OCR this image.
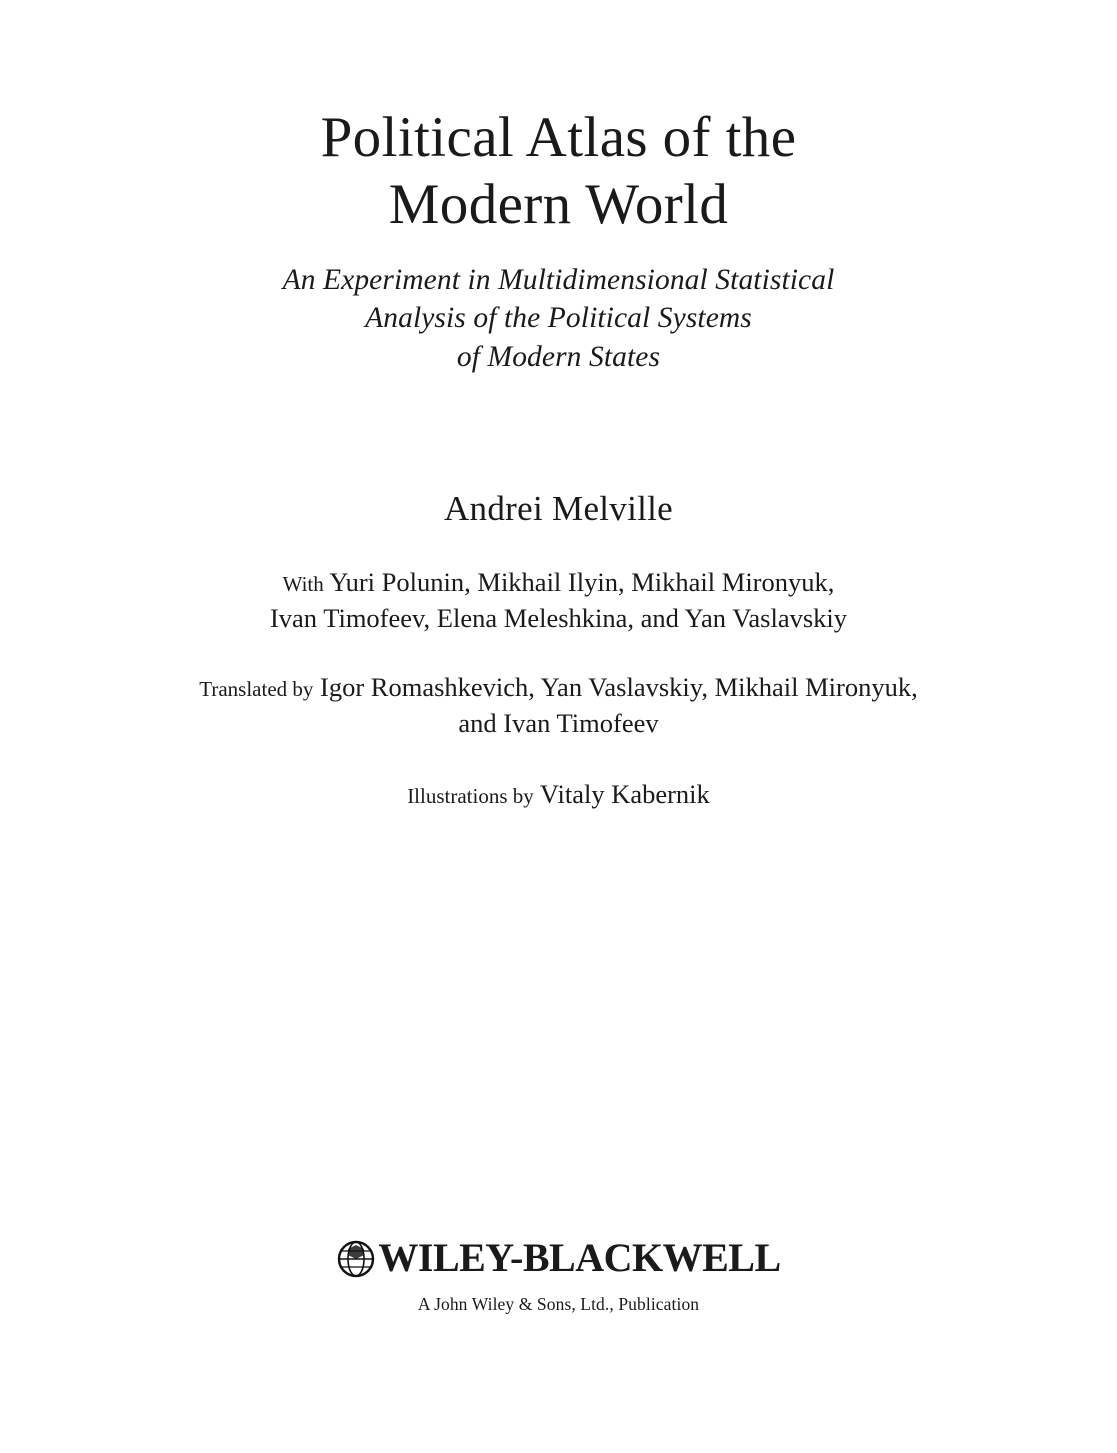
Political Atlas of the
Modern World
An Experiment in Multidimensional Statistical
Analysis of the Political Systems
of Modern States
Andrei Melville
With Yuri Polunin, Mikhail Ilyin, Mikhail Mironyuk,
Ivan Timofeev, Elena Meleshkina, and Yan Vaslavskiy
Translated by Igor Romashkevich, Yan Vaslavskiy, Mikhail Mironyuk,
and Ivan Timofeev
Illustrations by Vitaly Kabernik
WILEY-BLACKWELL
A John Wiley & Sons, Ltd., Publication
